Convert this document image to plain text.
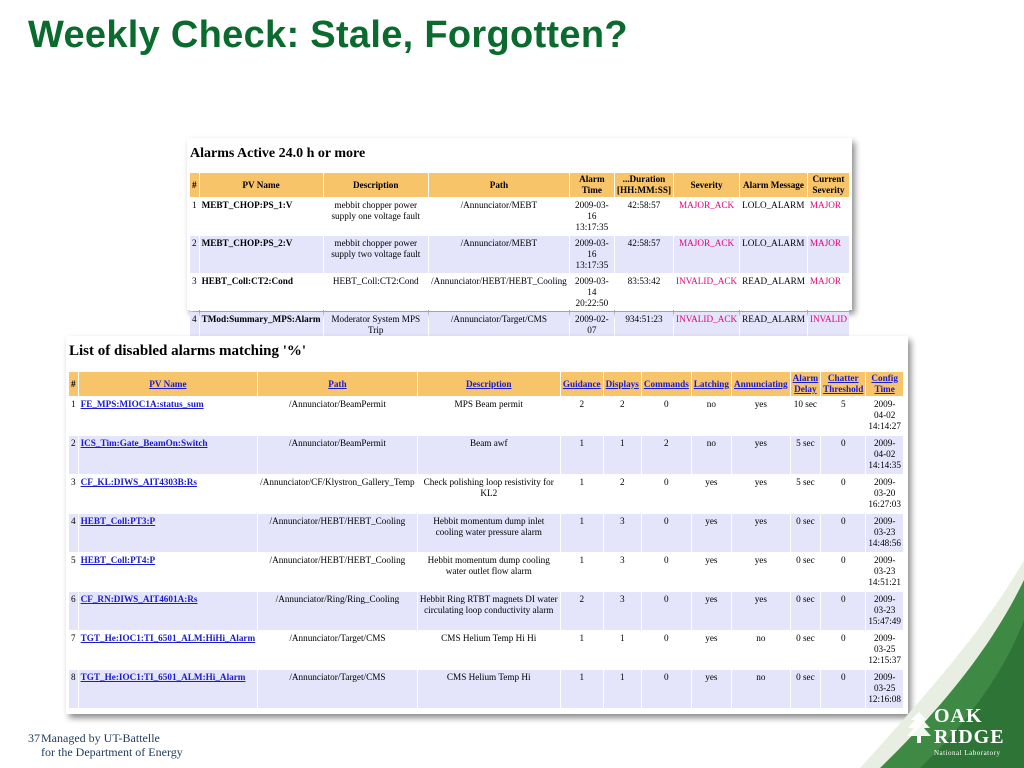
Weekly Check: Stale, Forgotten?
Alarms Active 24.0 h or more
#	PV Name	Description	Path	Alarm Time	...Duration [HH:MM:SS]	Severity	Alarm Message	Current Severity
1	MEBT_CHOP:PS_1:V	mebbit chopper power supply one voltage fault	/Annunciator/MEBT	2009-03-16 13:17:35	42:58:57	MAJOR_ACK	LOLO_ALARM	MAJOR
2	MEBT_CHOP:PS_2:V	mebbit chopper power supply two voltage fault	/Annunciator/MEBT	2009-03-16 13:17:35	42:58:57	MAJOR_ACK	LOLO_ALARM	MAJOR
3	HEBT_Coll:CT2:Cond	HEBT_Coll:CT2:Cond	/Annunciator/HEBT/HEBT_Cooling	2009-03-14 20:22:50	83:53:42	INVALID_ACK	READ_ALARM	MAJOR
4	TMod:Summary_MPS:Alarm	Moderator System MPS Trip	/Annunciator/Target/CMS	2009-02-07	934:51:23	INVALID_ACK	READ_ALARM	INVALID
List of disabled alarms matching '%'
#	PV Name	Path	Description	Guidance	Displays	Commands	Latching	Annunciating	Alarm Delay	Chatter Threshold	Config Time
1	FE_MPS:MIOC1A:status_sum	/Annunciator/BeamPermit	MPS Beam permit	2	2	0	no	yes	10 sec	5	2009-04-02 14:14:27
2	ICS_Tim:Gate_BeamOn:Switch	/Annunciator/BeamPermit	Beam awf	1	1	2	no	yes	5 sec	0	2009-04-02 14:14:35
3	CF_KL:DIWS_AIT4303B:Rs	/Annunciator/CF/Klystron_Gallery_Temp	Check polishing loop resistivity for KL2	1	2	0	yes	yes	5 sec	0	2009-03-20 16:27:03
4	HEBT_Coll:PT3:P	/Annunciator/HEBT/HEBT_Cooling	Hebbit momentum dump inlet cooling water pressure alarm	1	3	0	yes	yes	0 sec	0	2009-03-23 14:48:56
5	HEBT_Coll:PT4:P	/Annunciator/HEBT/HEBT_Cooling	Hebbit momentum dump cooling water outlet flow alarm	1	3	0	yes	yes	0 sec	0	2009-03-23 14:51:21
6	CF_RN:DIWS_AIT4601A:Rs	/Annunciator/Ring/Ring_Cooling	Hebbit Ring RTBT magnets DI water circulating loop conductivity alarm	2	3	0	yes	yes	0 sec	0	2009-03-23 15:47:49
7	TGT_He:IOC1:TI_6501_ALM:HiHi_Alarm	/Annunciator/Target/CMS	CMS Helium Temp Hi Hi	1	1	0	yes	no	0 sec	0	2009-03-25 12:15:37
8	TGT_He:IOC1:TI_6501_ALM:Hi_Alarm	/Annunciator/Target/CMS	CMS Helium Temp Hi	1	1	0	yes	no	0 sec	0	2009-03-25 12:16:08
37Managed by UT-Battelle
for the Department of Energy
OAK
RIDGE
National Laboratory
